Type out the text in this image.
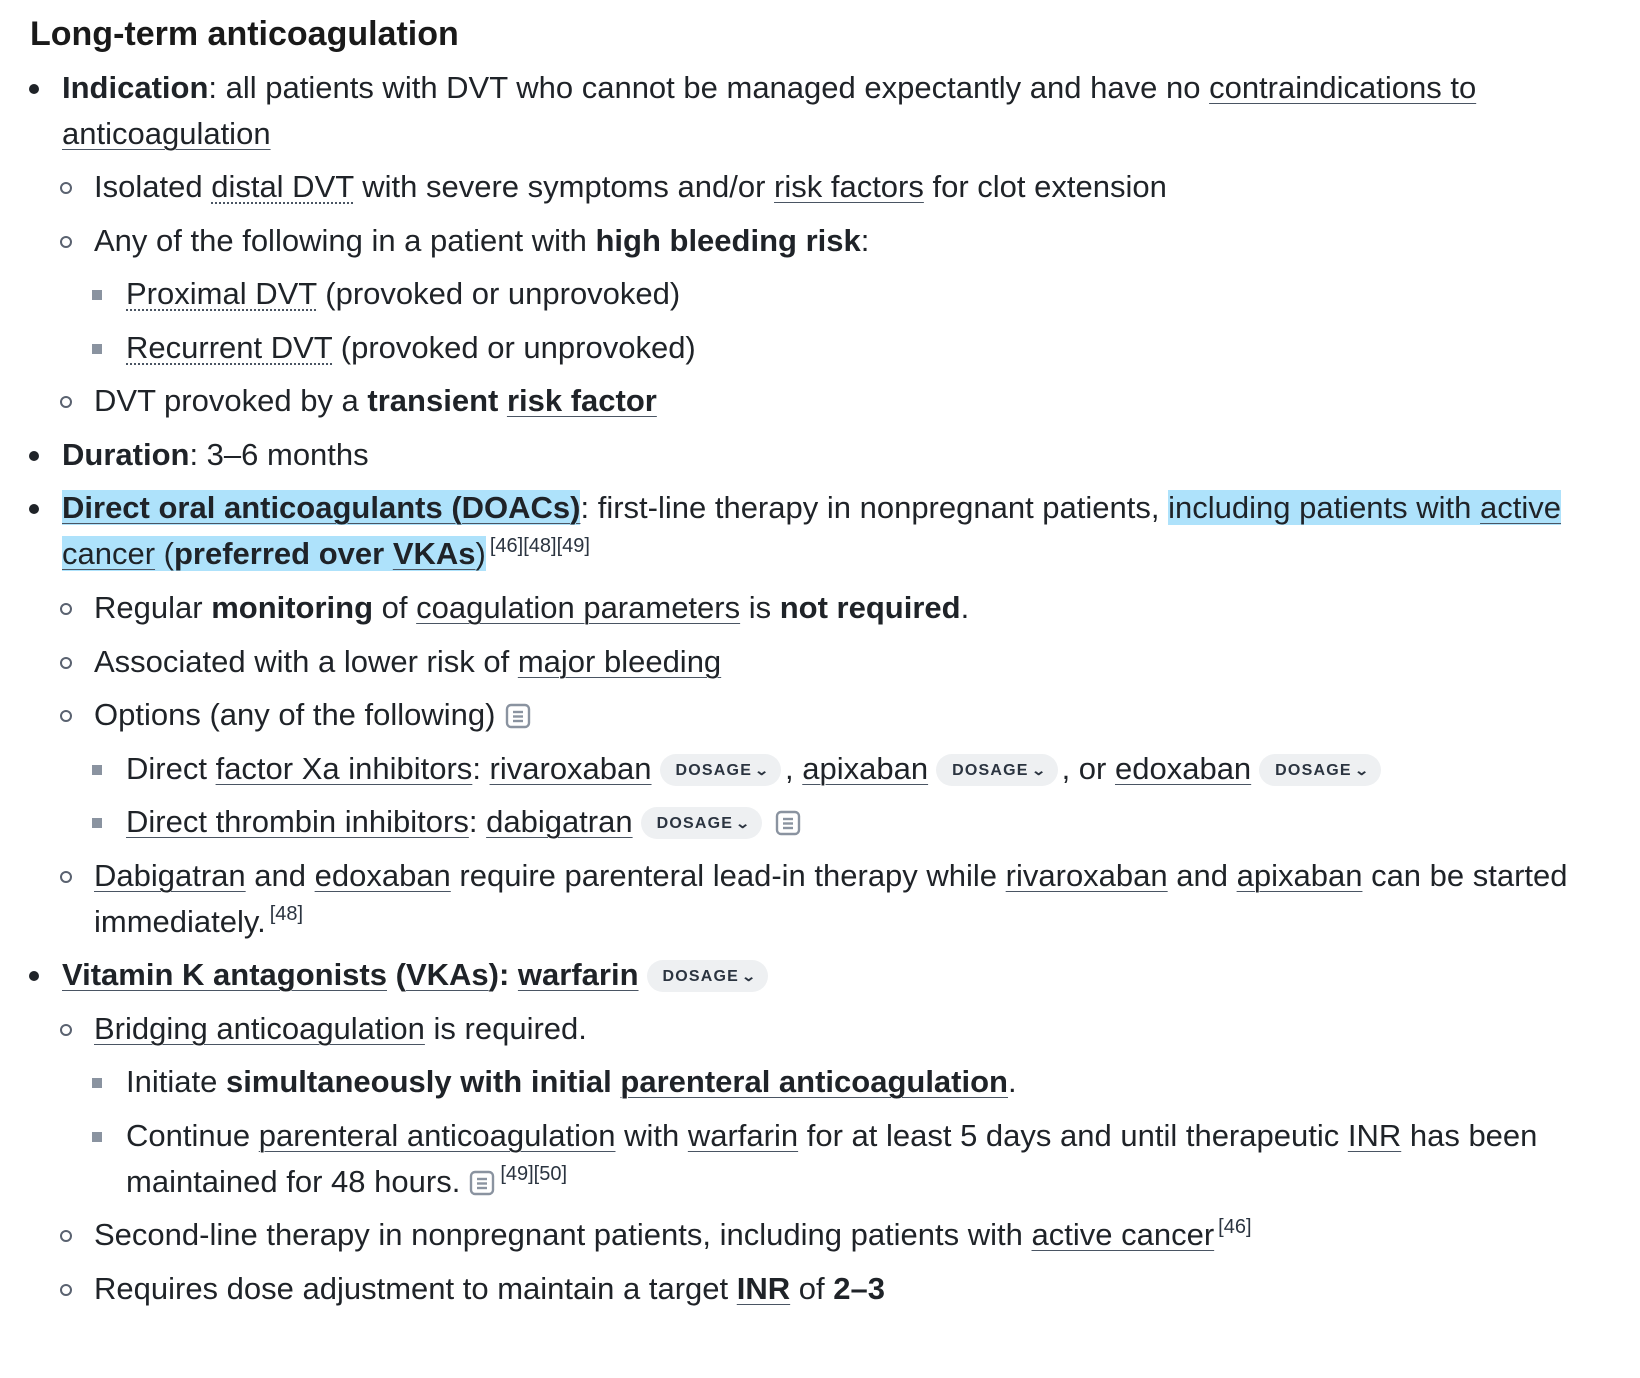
Long-term anticoagulation
Indication: all patients with DVT who cannot be managed expectantly and have no contraindications to
anticoagulation
Isolated distal DVT with severe symptoms and/or risk factors for clot extension
Any of the following in a patient with high bleeding risk:
Proximal DVT (provoked or unprovoked)
Recurrent DVT (provoked or unprovoked)
DVT provoked by a transient risk factor
Duration: 3–6 months
Direct oral anticoagulants (DOACs): first-line therapy in nonpregnant patients, including patients with active
cancer (preferred over VKAs) [46][48][49]
Regular monitoring of coagulation parameters is not required.
Associated with a lower risk of major bleeding
Options (any of the following)
Direct factor Xa inhibitors: rivaroxaban DOSAGE ⌄ , apixaban DOSAGE ⌄ , or edoxaban DOSAGE ⌄
Direct thrombin inhibitors: dabigatran DOSAGE ⌄
Dabigatran and edoxaban require parenteral lead-in therapy while rivaroxaban and apixaban can be started
immediately. [48]
Vitamin K antagonists (VKAs): warfarin DOSAGE ⌄
Bridging anticoagulation is required.
Initiate simultaneously with initial parenteral anticoagulation.
Continue parenteral anticoagulation with warfarin for at least 5 days and until therapeutic INR has been
maintained for 48 hours. [49][50]
Second-line therapy in nonpregnant patients, including patients with active cancer [46]
Requires dose adjustment to maintain a target INR of 2–3
